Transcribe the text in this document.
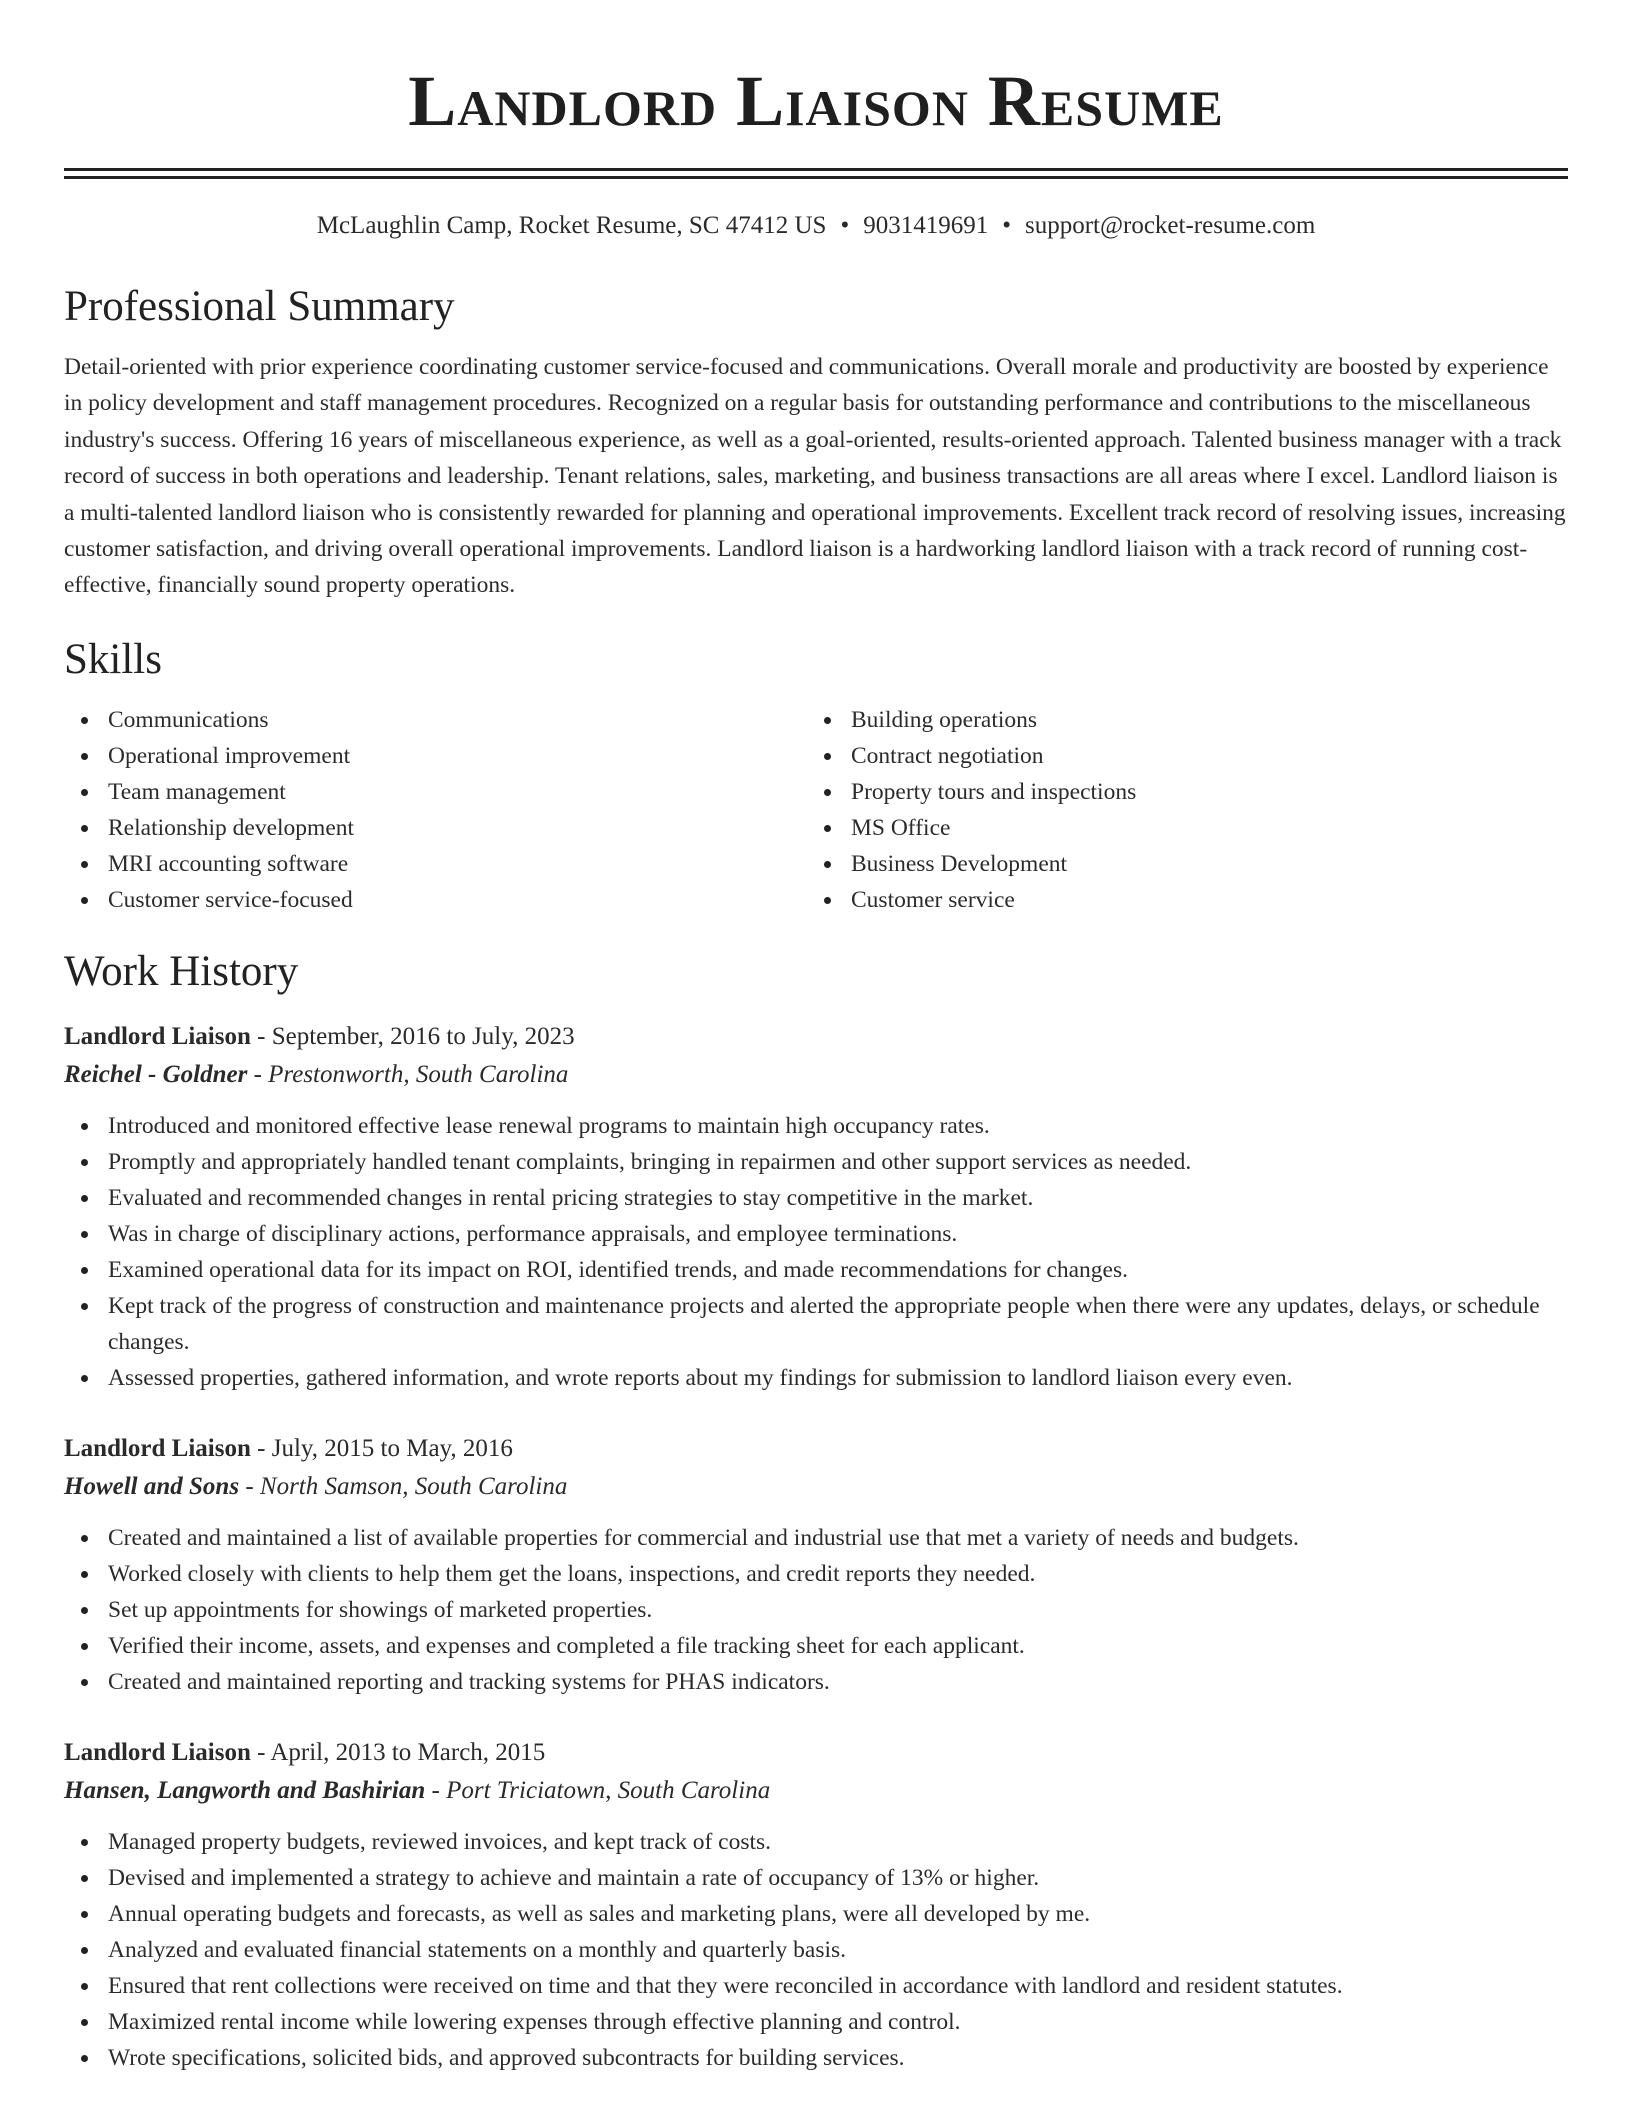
Landlord Liaison Resume
McLaughlin Camp, Rocket Resume, SC 47412 US • 9031419691 • support@rocket-resume.com
Professional Summary

Detail-oriented with prior experience coordinating customer service-focused and communications. Overall morale and productivity are boosted by experience in policy development and staff management procedures. Recognized on a regular basis for outstanding performance and contributions to the miscellaneous industry's success. Offering 16 years of miscellaneous experience, as well as a goal-oriented, results-oriented approach. Talented business manager with a track record of success in both operations and leadership. Tenant relations, sales, marketing, and business transactions are all areas where I excel. Landlord liaison is a multi-talented landlord liaison who is consistently rewarded for planning and operational improvements. Excellent track record of resolving issues, increasing customer satisfaction, and driving overall operational improvements. Landlord liaison is a hardworking landlord liaison with a track record of running cost-effective, financially sound property operations.

Skills
Communications
Operational improvement
Team management
Relationship development
MRI accounting software
Customer service-focused
Building operations
Contract negotiation
Property tours and inspections
MS Office
Business Development
Customer service
Work History
Landlord Liaison - September, 2016 to July, 2023
Reichel - Goldner - Prestonworth, South Carolina
Introduced and monitored effective lease renewal programs to maintain high occupancy rates.
Promptly and appropriately handled tenant complaints, bringing in repairmen and other support services as needed.
Evaluated and recommended changes in rental pricing strategies to stay competitive in the market.
Was in charge of disciplinary actions, performance appraisals, and employee terminations.
Examined operational data for its impact on ROI, identified trends, and made recommendations for changes.
Kept track of the progress of construction and maintenance projects and alerted the appropriate people when there were any updates, delays, or schedule changes.
Assessed properties, gathered information, and wrote reports about my findings for submission to landlord liaison every even.
Landlord Liaison - July, 2015 to May, 2016
Howell and Sons - North Samson, South Carolina
Created and maintained a list of available properties for commercial and industrial use that met a variety of needs and budgets.
Worked closely with clients to help them get the loans, inspections, and credit reports they needed.
Set up appointments for showings of marketed properties.
Verified their income, assets, and expenses and completed a file tracking sheet for each applicant.
Created and maintained reporting and tracking systems for PHAS indicators.
Landlord Liaison - April, 2013 to March, 2015
Hansen, Langworth and Bashirian - Port Triciatown, South Carolina
Managed property budgets, reviewed invoices, and kept track of costs.
Devised and implemented a strategy to achieve and maintain a rate of occupancy of 13% or higher.
Annual operating budgets and forecasts, as well as sales and marketing plans, were all developed by me.
Analyzed and evaluated financial statements on a monthly and quarterly basis.
Ensured that rent collections were received on time and that they were reconciled in accordance with landlord and resident statutes.
Maximized rental income while lowering expenses through effective planning and control.
Wrote specifications, solicited bids, and approved subcontracts for building services.
